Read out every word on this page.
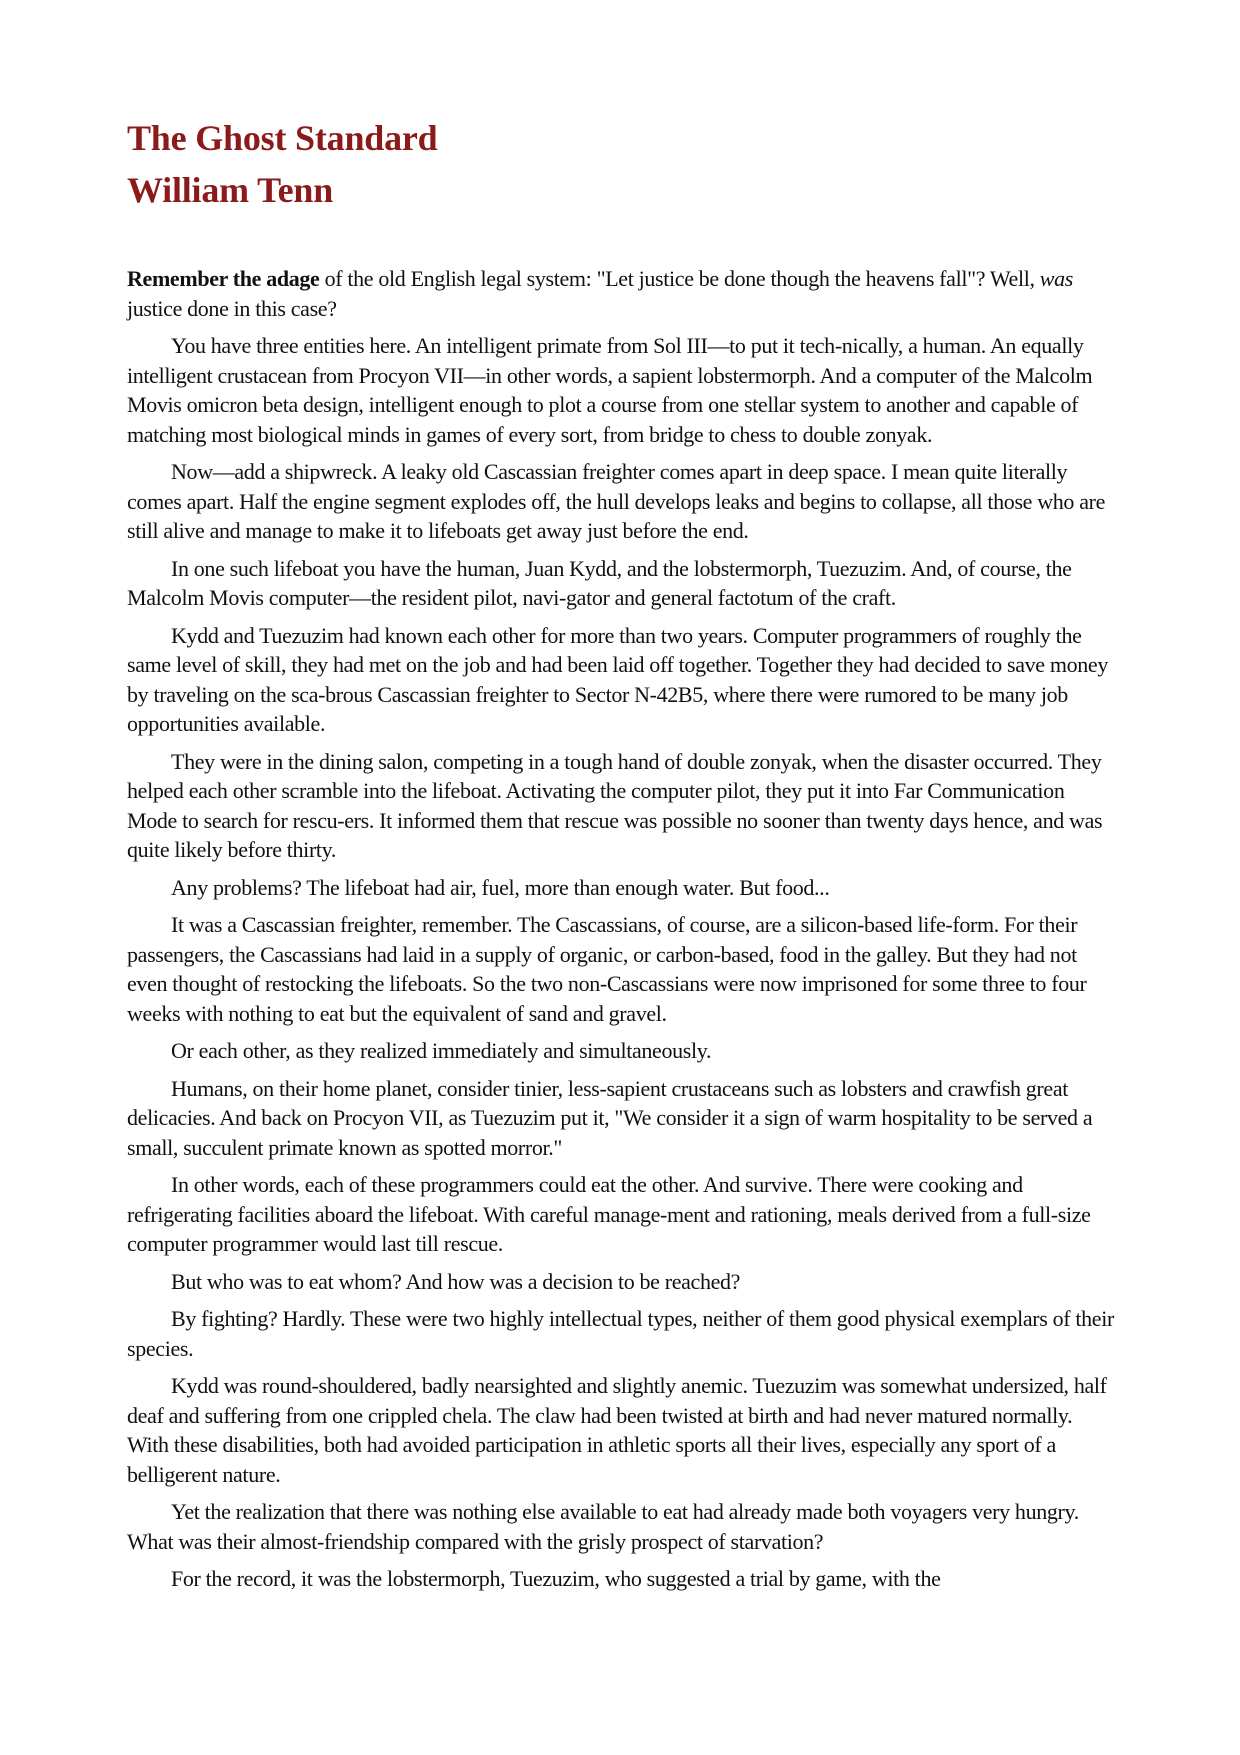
The Ghost Standard
William Tenn

Remember the adage of the old English legal system: "Let justice be done though the heavens fall"? Well, was justice done in this case?

You have three entities here. An intelligent primate from Sol III—to put it tech-nically, a human. An equally intelligent crustacean from Procyon VII—in other words, a sapient lobstermorph. And a computer of the Malcolm Movis omicron beta design, intelligent enough to plot a course from one stellar system to another and capable of matching most biological minds in games of every sort, from bridge to chess to double zonyak.

Now—add a shipwreck. A leaky old Cascassian freighter comes apart in deep space. I mean quite literally comes apart. Half the engine segment explodes off, the hull develops leaks and begins to collapse, all those who are still alive and manage to make it to lifeboats get away just before the end.

In one such lifeboat you have the human, Juan Kydd, and the lobstermorph, Tuezuzim. And, of course, the Malcolm Movis computer—the resident pilot, navi-gator and general factotum of the craft.

Kydd and Tuezuzim had known each other for more than two years. Computer programmers of roughly the same level of skill, they had met on the job and had been laid off together. Together they had decided to save money by traveling on the sca-brous Cascassian freighter to Sector N-42B5, where there were rumored to be many job opportunities available.

They were in the dining salon, competing in a tough hand of double zonyak, when the disaster occurred. They helped each other scramble into the lifeboat. Activating the computer pilot, they put it into Far Communication Mode to search for rescu-ers. It informed them that rescue was possible no sooner than twenty days hence, and was quite likely before thirty.

Any problems? The lifeboat had air, fuel, more than enough water. But food...

It was a Cascassian freighter, remember. The Cascassians, of course, are a silicon-based life-form. For their passengers, the Cascassians had laid in a supply of organic, or carbon-based, food in the galley. But they had not even thought of restocking the lifeboats. So the two non-Cascassians were now imprisoned for some three to four weeks with nothing to eat but the equivalent of sand and gravel.

Or each other, as they realized immediately and simultaneously.

Humans, on their home planet, consider tinier, less-sapient crustaceans such as lobsters and crawfish great delicacies. And back on Procyon VII, as Tuezuzim put it, "We consider it a sign of warm hospitality to be served a small, succulent primate known as spotted morror."

In other words, each of these programmers could eat the other. And survive. There were cooking and refrigerating facilities aboard the lifeboat. With careful manage-ment and rationing, meals derived from a full-size computer programmer would last till rescue.

But who was to eat whom? And how was a decision to be reached?

By fighting? Hardly. These were two highly intellectual types, neither of them good physical exemplars of their species.

Kydd was round-shouldered, badly nearsighted and slightly anemic. Tuezuzim was somewhat undersized, half deaf and suffering from one crippled chela. The claw had been twisted at birth and had never matured normally. With these disabilities, both had avoided participation in athletic sports all their lives, especially any sport of a belligerent nature.

Yet the realization that there was nothing else available to eat had already made both voyagers very hungry. What was their almost-friendship compared with the grisly prospect of starvation?

For the record, it was the lobstermorph, Tuezuzim, who suggested a trial by game, with the
